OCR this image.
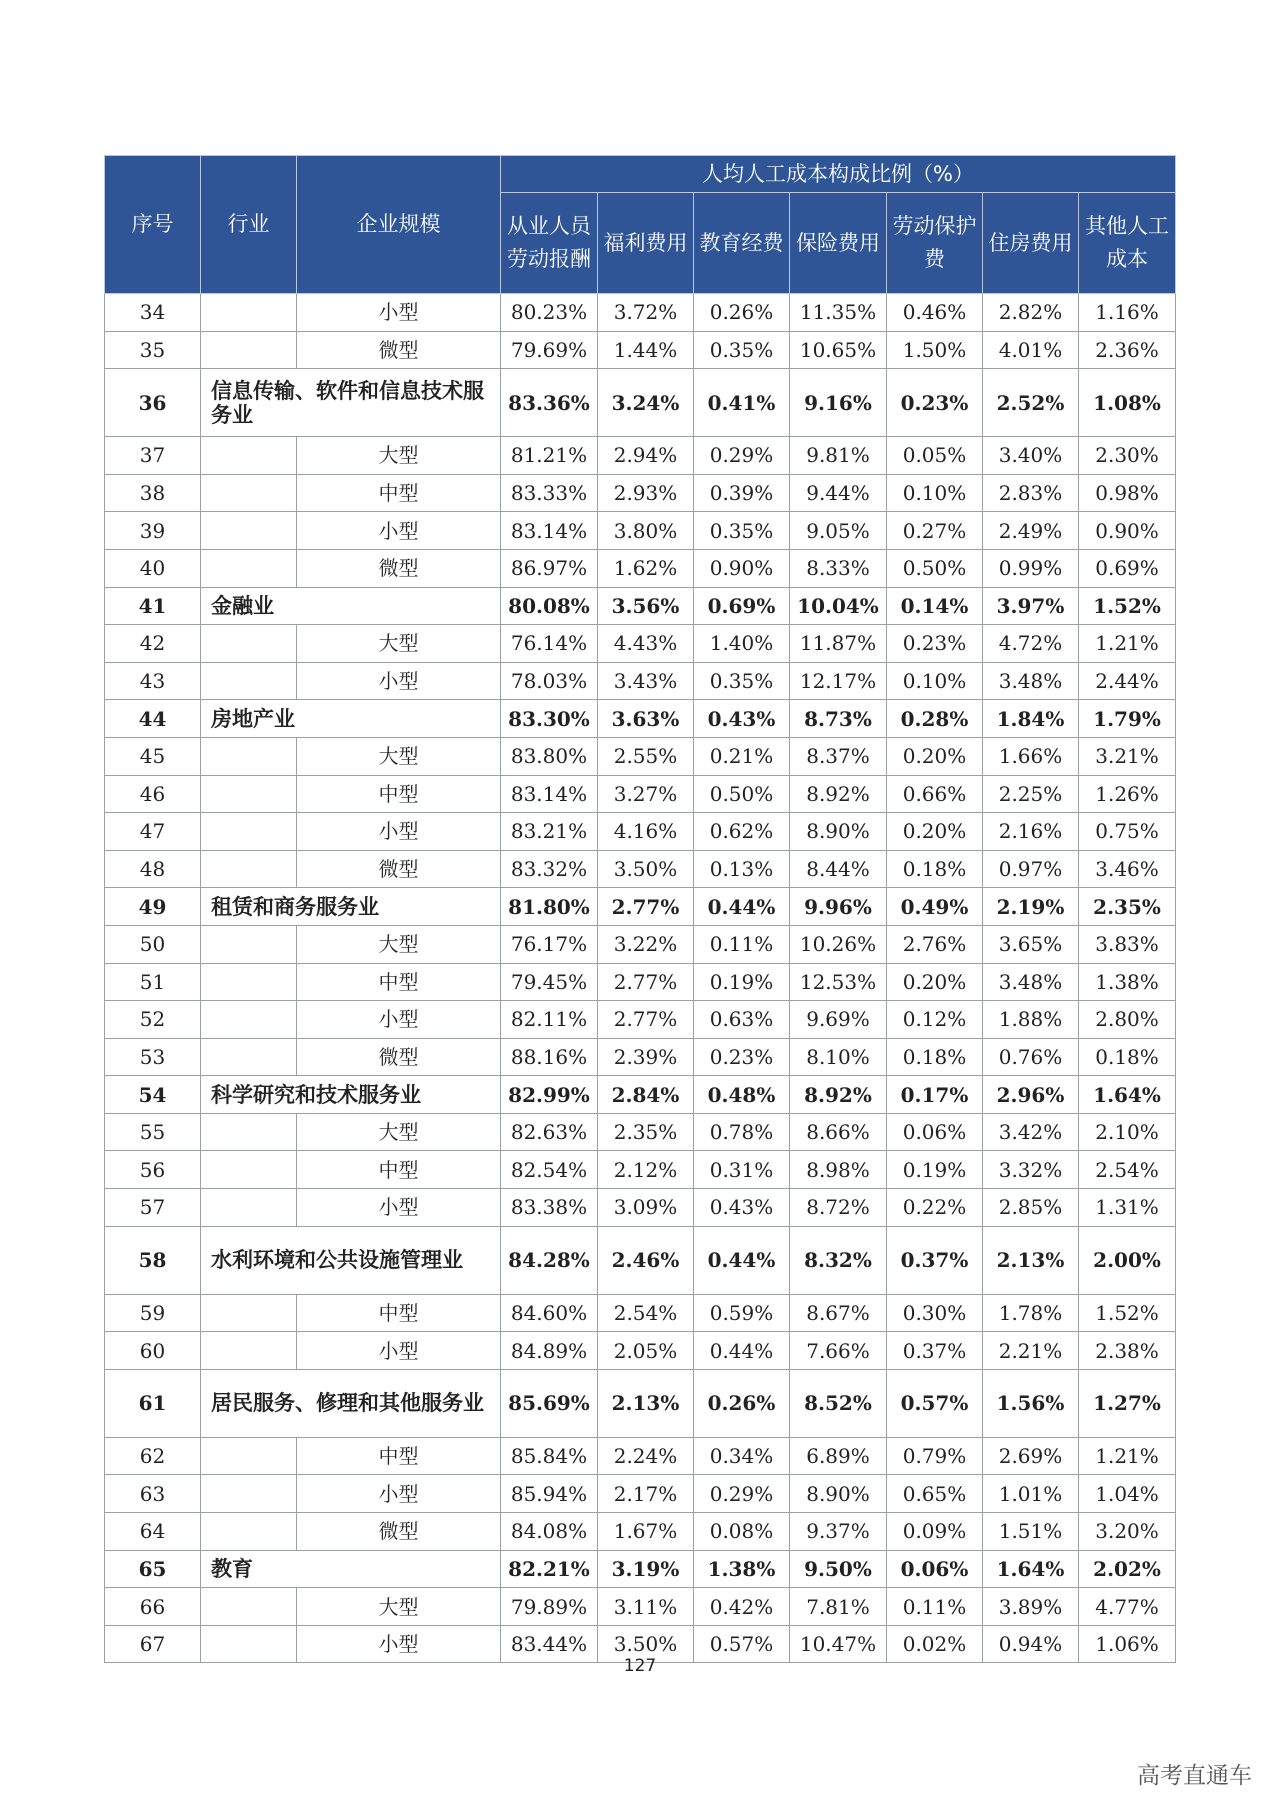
序号	行业	企业规模	人均人工成本构成比例（%）						
			从业人员劳动报酬	福利费用	教育经费	保险费用	劳动保护费	住房费用	其他人工成本
34		小型	80.23%	3.72%	0.26%	11.35%	0.46%	2.82%	1.16%
35		微型	79.69%	1.44%	0.35%	10.65%	1.50%	4.01%	2.36%
36	信息传输、软件和信息技术服务业		83.36%	3.24%	0.41%	9.16%	0.23%	2.52%	1.08%
37		大型	81.21%	2.94%	0.29%	9.81%	0.05%	3.40%	2.30%
38		中型	83.33%	2.93%	0.39%	9.44%	0.10%	2.83%	0.98%
39		小型	83.14%	3.80%	0.35%	9.05%	0.27%	2.49%	0.90%
40		微型	86.97%	1.62%	0.90%	8.33%	0.50%	0.99%	0.69%
41	金融业		80.08%	3.56%	0.69%	10.04%	0.14%	3.97%	1.52%
42		大型	76.14%	4.43%	1.40%	11.87%	0.23%	4.72%	1.21%
43		小型	78.03%	3.43%	0.35%	12.17%	0.10%	3.48%	2.44%
44	房地产业		83.30%	3.63%	0.43%	8.73%	0.28%	1.84%	1.79%
45		大型	83.80%	2.55%	0.21%	8.37%	0.20%	1.66%	3.21%
46		中型	83.14%	3.27%	0.50%	8.92%	0.66%	2.25%	1.26%
47		小型	83.21%	4.16%	0.62%	8.90%	0.20%	2.16%	0.75%
48		微型	83.32%	3.50%	0.13%	8.44%	0.18%	0.97%	3.46%
49	租赁和商务服务业		81.80%	2.77%	0.44%	9.96%	0.49%	2.19%	2.35%
50		大型	76.17%	3.22%	0.11%	10.26%	2.76%	3.65%	3.83%
51		中型	79.45%	2.77%	0.19%	12.53%	0.20%	3.48%	1.38%
52		小型	82.11%	2.77%	0.63%	9.69%	0.12%	1.88%	2.80%
53		微型	88.16%	2.39%	0.23%	8.10%	0.18%	0.76%	0.18%
54	科学研究和技术服务业		82.99%	2.84%	0.48%	8.92%	0.17%	2.96%	1.64%
55		大型	82.63%	2.35%	0.78%	8.66%	0.06%	3.42%	2.10%
56		中型	82.54%	2.12%	0.31%	8.98%	0.19%	3.32%	2.54%
57		小型	83.38%	3.09%	0.43%	8.72%	0.22%	2.85%	1.31%
58	水利环境和公共设施管理业		84.28%	2.46%	0.44%	8.32%	0.37%	2.13%	2.00%
59		中型	84.60%	2.54%	0.59%	8.67%	0.30%	1.78%	1.52%
60		小型	84.89%	2.05%	0.44%	7.66%	0.37%	2.21%	2.38%
61	居民服务、修理和其他服务业		85.69%	2.13%	0.26%	8.52%	0.57%	1.56%	1.27%
62		中型	85.84%	2.24%	0.34%	6.89%	0.79%	2.69%	1.21%
63		小型	85.94%	2.17%	0.29%	8.90%	0.65%	1.01%	1.04%
64		微型	84.08%	1.67%	0.08%	9.37%	0.09%	1.51%	3.20%
65	教育		82.21%	3.19%	1.38%	9.50%	0.06%	1.64%	2.02%
66		大型	79.89%	3.11%	0.42%	7.81%	0.11%	3.89%	4.77%
67		小型	83.44%	3.50%	0.57%	10.47%	0.02%	0.94%	1.06%
127
高考直通车
